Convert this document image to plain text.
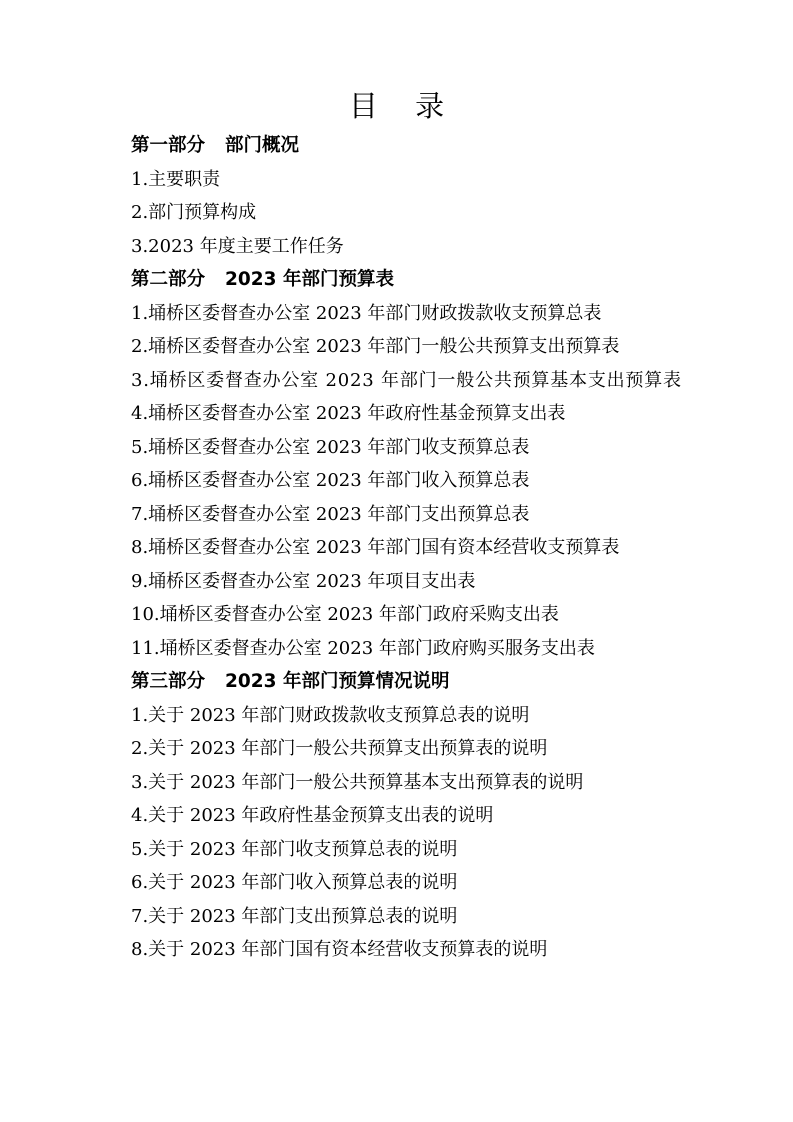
目 录
第一部分 部门概况
1.主要职责
2.部门预算构成
3.2023 年度主要工作任务
第二部分 2023 年部门预算表
1.埇桥区委督查办公室 2023 年部门财政拨款收支预算总表
2.埇桥区委督查办公室 2023 年部门一般公共预算支出预算表
3.埇桥区委督查办公室 2023 年部门一般公共预算基本支出预算表
4.埇桥区委督查办公室 2023 年政府性基金预算支出表
5.埇桥区委督查办公室 2023 年部门收支预算总表
6.埇桥区委督查办公室 2023 年部门收入预算总表
7.埇桥区委督查办公室 2023 年部门支出预算总表
8.埇桥区委督查办公室 2023 年部门国有资本经营收支预算表
9.埇桥区委督查办公室 2023 年项目支出表
10.埇桥区委督查办公室 2023 年部门政府采购支出表
11.埇桥区委督查办公室 2023 年部门政府购买服务支出表
第三部分 2023 年部门预算情况说明
1.关于 2023 年部门财政拨款收支预算总表的说明
2.关于 2023 年部门一般公共预算支出预算表的说明
3.关于 2023 年部门一般公共预算基本支出预算表的说明
4.关于 2023 年政府性基金预算支出表的说明
5.关于 2023 年部门收支预算总表的说明
6.关于 2023 年部门收入预算总表的说明
7.关于 2023 年部门支出预算总表的说明
8.关于 2023 年部门国有资本经营收支预算表的说明
